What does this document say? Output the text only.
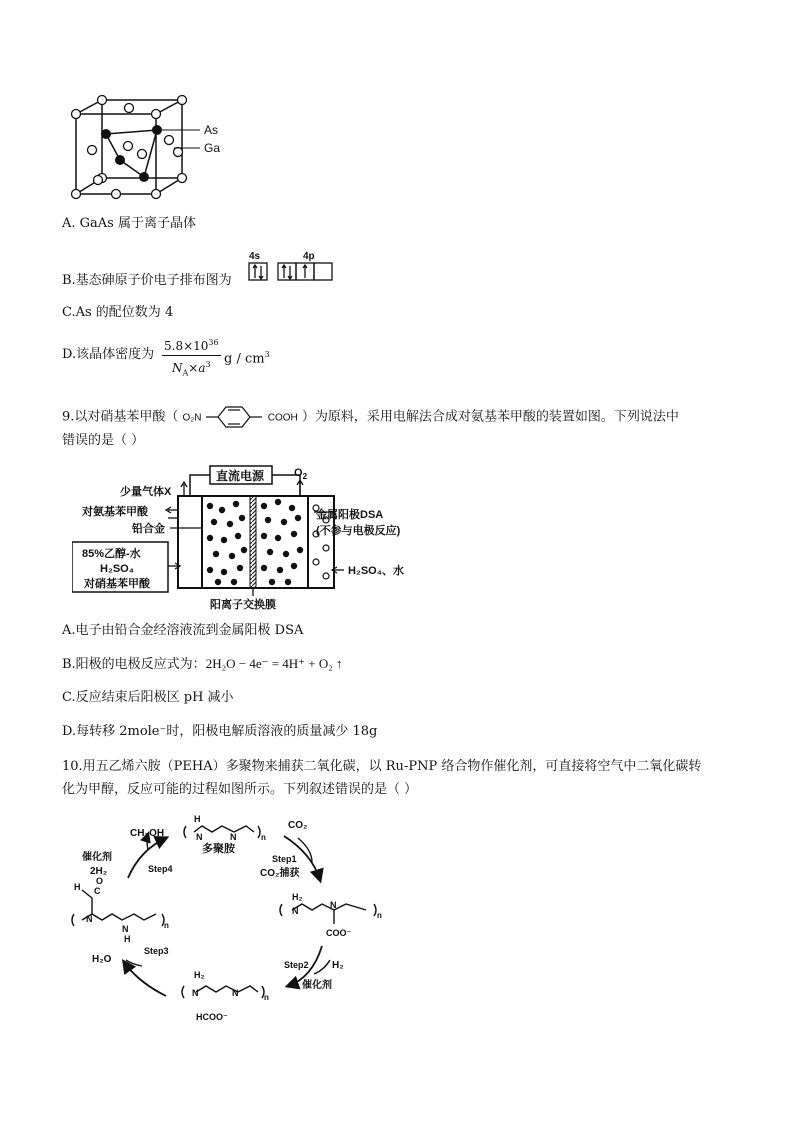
As
Ga
A. GaAs 属于离子晶体
B.基态砷原子价电子排布图为
4s	4p
C.As 的配位数为 4
D.该晶体密度为 $\frac{5.8\times 10^{36}}{N_A\times a^3}$ g / $cm^3$
9.以对硝基苯甲酸（ O₂N	COOH ）为原料，采用电解法合成对氨基苯甲酸的装置如图。下列说法中
错误的是（ ）
直流电源
少量气体X
$O_2$
对氨基苯甲酸
铅合金
85%乙醇-水
H₂SO₄
对硝基苯甲酸
金属阳极DSA
(不参与电极反应)
H₂SO₄、水
阳离子交换膜
A.电子由铅合金经溶液流到金属阳极 DSA
B.阳极的电极反应式为：2H₂O − 4e⁻ = 4H⁺ + O₂ ↑
C.反应结束后阳极区 pH 减小
D.每转移 2mole⁻时，阳极电解质溶液的质量减少 18g
10.用五乙烯六胺（PEHA）多聚物来捕获二氧化碳，以 Ru-PNP 络合物作催化剂，可直接将空气中二氧化碳转
化为甲醇，反应可能的过程如图所示。下列叙述错误的是（ ）
H
N	N	n
多聚胺
CO₂
Step1
CO₂捕获
CH₃OH
催化剂
2H₂	Step4
H C
O
N
N
H
n
H₂O
Step3
H₂
N
N
COO⁻
n
Step2 H₂
催化剂
H₂
N	N	n
HCOO⁻
